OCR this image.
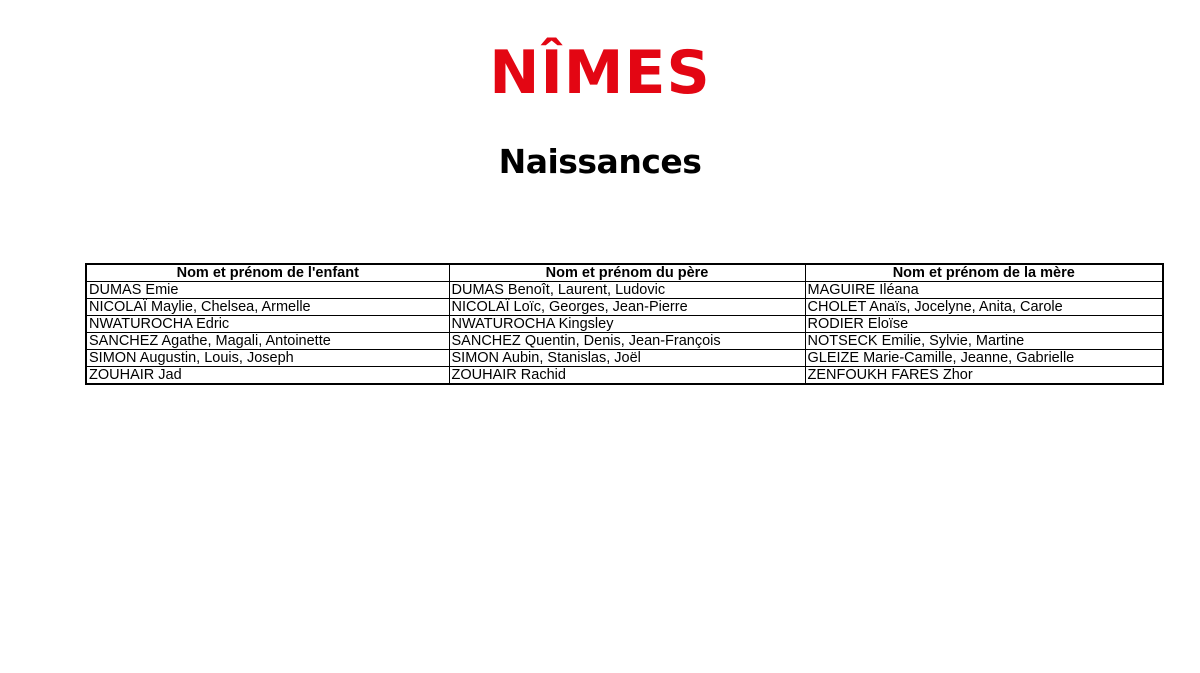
NÎMES
Naissances
Nom et prénom de l'enfant	Nom et prénom du père	Nom et prénom de la mère
DUMAS Emie	DUMAS Benoît, Laurent, Ludovic	MAGUIRE Iléana
NICOLAÏ Maylie, Chelsea, Armelle	NICOLAÏ Loïc, Georges, Jean-Pierre	CHOLET Anaïs, Jocelyne, Anita, Carole
NWATUROCHA Edric	NWATUROCHA Kingsley	RODIER Eloïse
SANCHEZ Agathe, Magali, Antoinette	SANCHEZ Quentin, Denis, Jean-François	NOTSECK Emilie, Sylvie, Martine
SIMON Augustin, Louis, Joseph	SIMON Aubin, Stanislas, Joël	GLEIZE Marie-Camille, Jeanne, Gabrielle
ZOUHAIR Jad	ZOUHAIR Rachid	ZENFOUKH FARES Zhor
